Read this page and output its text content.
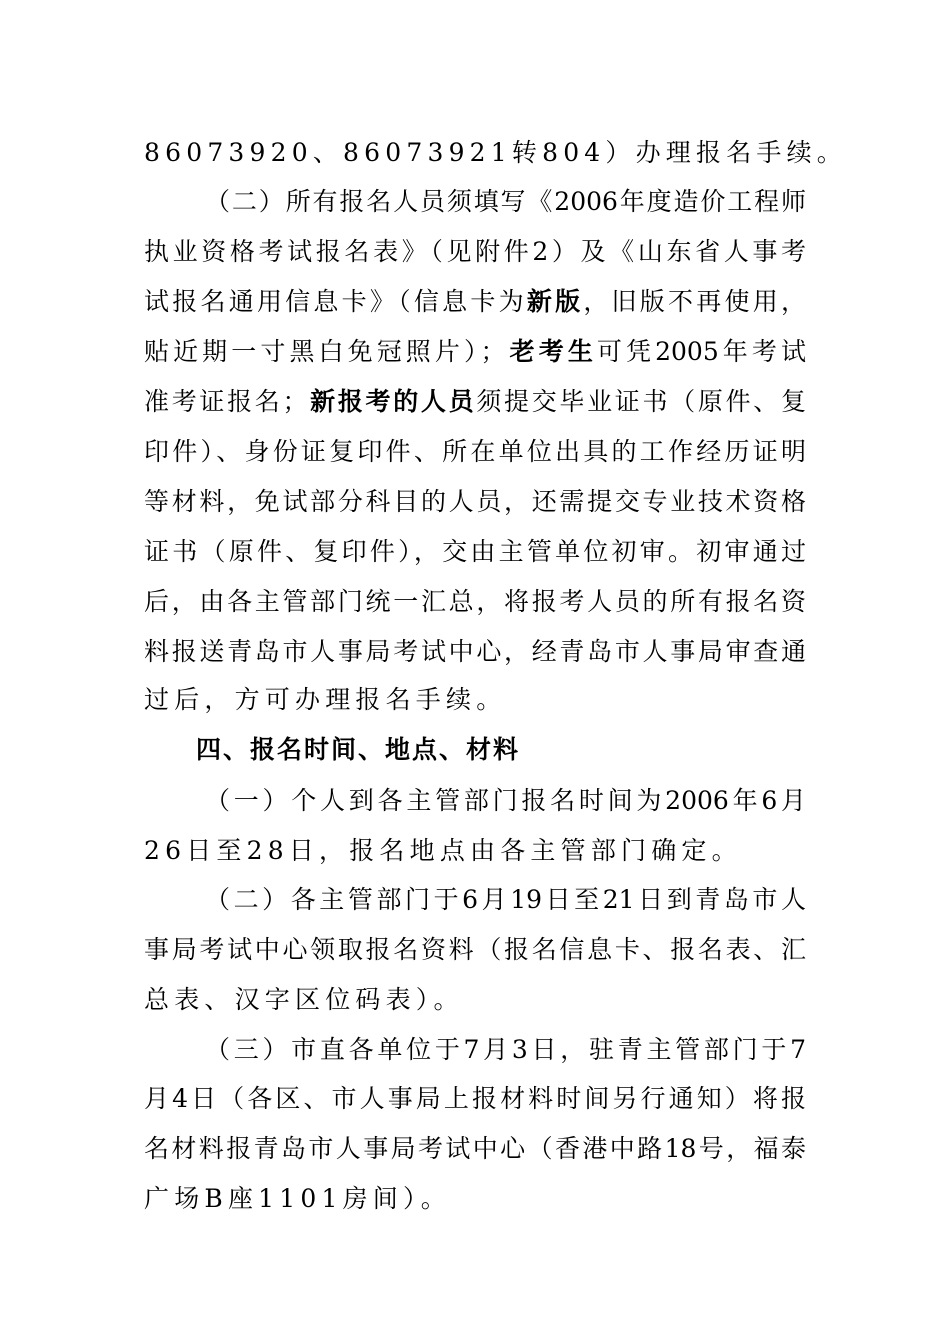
86073920、86073921转804）办理报名手续。
（二）所有报名人员须填写《2006年度造价工程师
执业资格考试报名表》（见附件2）及《山东省人事考
试报名通用信息卡》（信息卡为新版，旧版不再使用，
贴近期一寸黑白免冠照片）；老考生可凭2005年考试
准考证报名；新报考的人员须提交毕业证书（原件、复
印件）、身份证复印件、所在单位出具的工作经历证明
等材料，免试部分科目的人员，还需提交专业技术资格
证书（原件、复印件），交由主管单位初审。初审通过
后，由各主管部门统一汇总，将报考人员的所有报名资
料报送青岛市人事局考试中心，经青岛市人事局审查通
过后，方可办理报名手续。
四、报名时间、地点、材料
（一）个人到各主管部门报名时间为2006年6月
26日至28日，报名地点由各主管部门确定。
（二）各主管部门于6月19日至21日到青岛市人
事局考试中心领取报名资料（报名信息卡、报名表、汇
总表、汉字区位码表）。
（三）市直各单位于7月3日，驻青主管部门于7
月4日（各区、市人事局上报材料时间另行通知）将报
名材料报青岛市人事局考试中心（香港中路18号，福泰
广场B座1101房间）。
